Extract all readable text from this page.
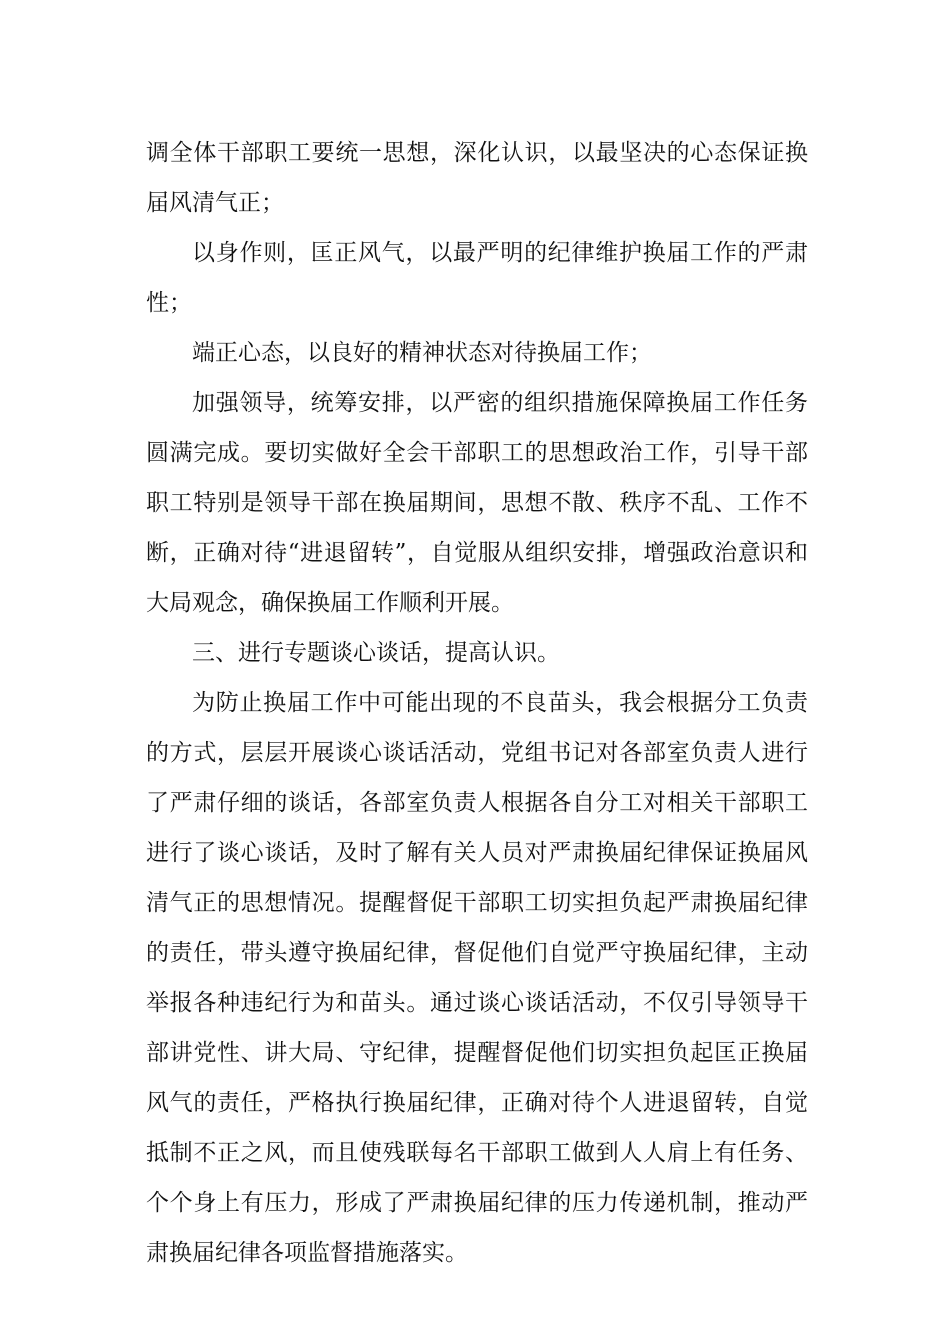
调全体干部职工要统一思想，深化认识，以最坚决的心态保证换届风清气正；

以身作则，匡正风气，以最严明的纪律维护换届工作的严肃性；

端正心态，以良好的精神状态对待换届工作；

加强领导，统筹安排，以严密的组织措施保障换届工作任务圆满完成。要切实做好全会干部职工的思想政治工作，引导干部职工特别是领导干部在换届期间，思想不散、秩序不乱、工作不断，正确对待“进退留转”，自觉服从组织安排，增强政治意识和大局观念，确保换届工作顺利开展。

三、进行专题谈心谈话，提高认识。

为防止换届工作中可能出现的不良苗头，我会根据分工负责的方式，层层开展谈心谈话活动，党组书记对各部室负责人进行了严肃仔细的谈话，各部室负责人根据各自分工对相关干部职工进行了谈心谈话，及时了解有关人员对严肃换届纪律保证换届风清气正的思想情况。提醒督促干部职工切实担负起严肃换届纪律的责任，带头遵守换届纪律，督促他们自觉严守换届纪律，主动举报各种违纪行为和苗头。通过谈心谈话活动，不仅引导领导干部讲党性、讲大局、守纪律，提醒督促他们切实担负起匡正换届风气的责任，严格执行换届纪律，正确对待个人进退留转，自觉抵制不正之风，而且使残联每名干部职工做到人人肩上有任务、个个身上有压力，形成了严肃换届纪律的压力传递机制，推动严肃换届纪律各项监督措施落实。
